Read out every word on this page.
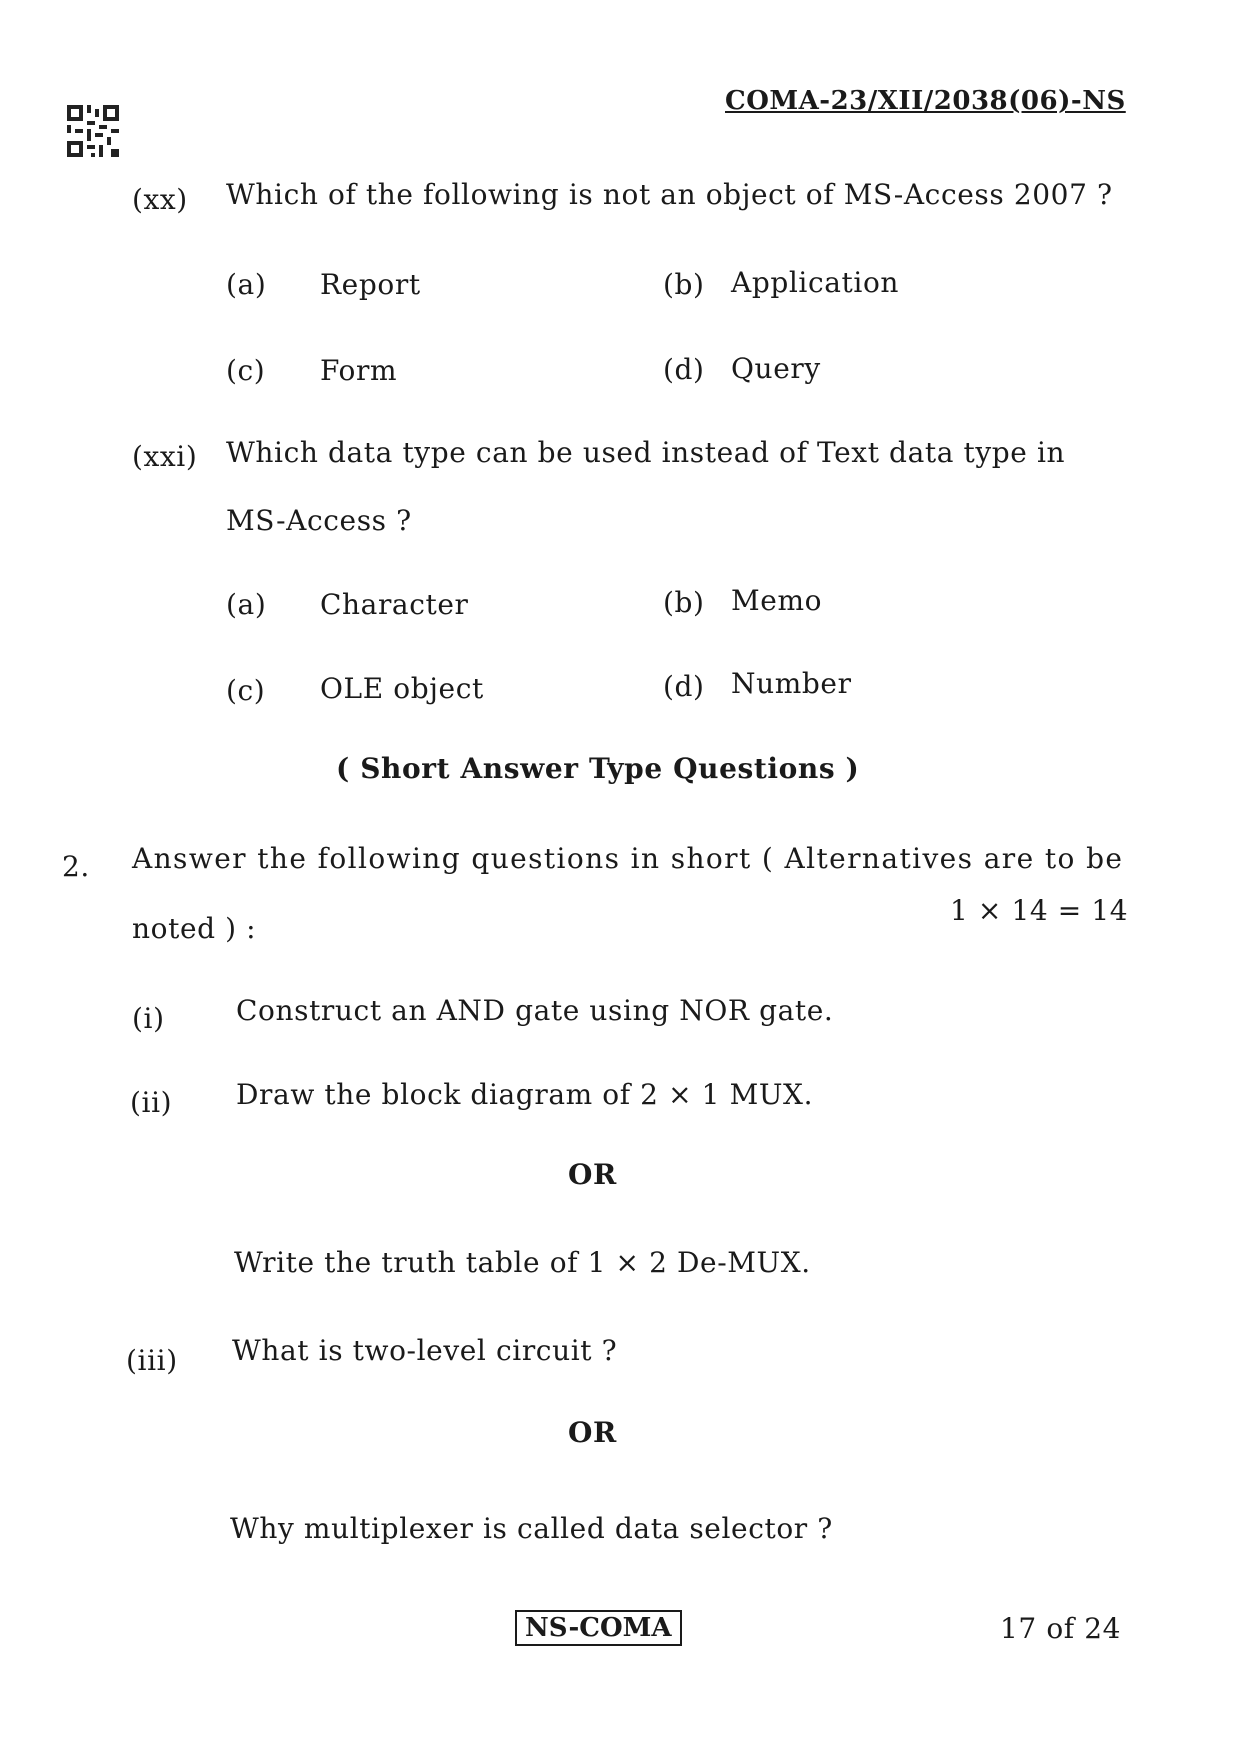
COMA-23/XII/2038(06)-NS
(xx) Which of the following is not an object of MS-Access 2007 ?
(a) Report	(b) Application
(c) Form	(d) Query
(xxi) Which data type can be used instead of Text data type in
MS-Access ?
(a) Character	(b) Memo
(c) OLE object	(d) Number
( Short Answer Type Questions )
2. Answer the following questions in short ( Alternatives are to be
noted ) :
1 × 14 = 14
(i)	Construct an AND gate using NOR gate.
(ii) Draw the block diagram of 2 × 1 MUX.
OR
Write the truth table of 1 × 2 De-MUX.
(iii) What is two-level circuit ?
OR
Why multiplexer is called data selector ?
NS-COMA	17 of 24
